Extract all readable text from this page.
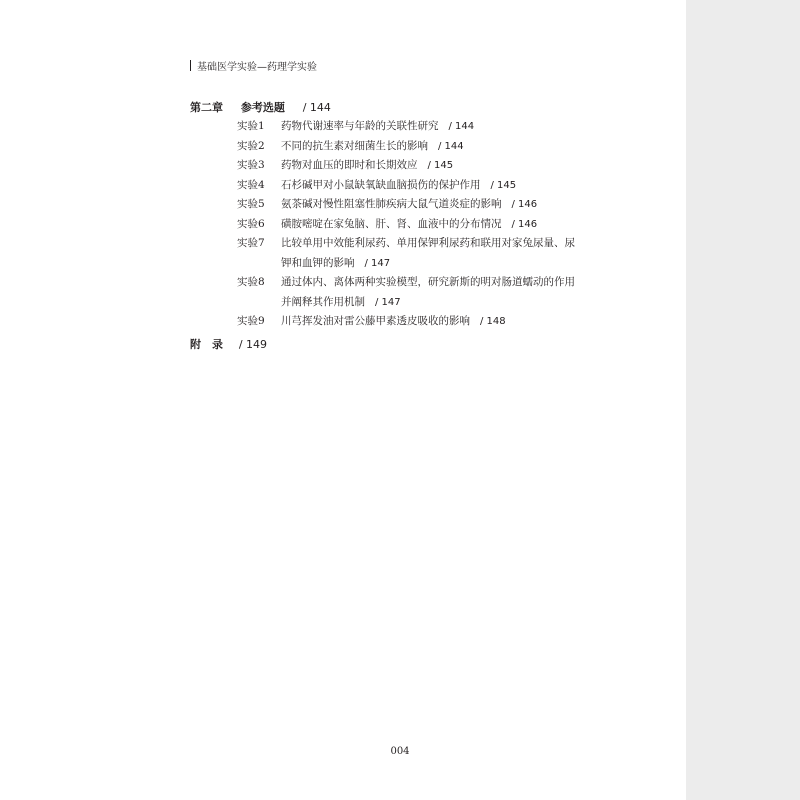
基础医学实验—药理学实验
第二章 参考选题 / 144
实验1	药物代谢速率与年龄的关联性研究 / 144
实验2	不同的抗生素对细菌生长的影响 / 144
实验3	药物对血压的即时和长期效应 / 145
实验4	石杉碱甲对小鼠缺氧缺血脑损伤的保护作用 / 145
实验5	氨茶碱对慢性阻塞性肺疾病大鼠气道炎症的影响 / 146
实验6	磺胺嘧啶在家兔脑、肝、肾、血液中的分布情况 / 146
实验7	比较单用中效能利尿药、单用保钾利尿药和联用对家兔尿量、尿
钾和血钾的影响 / 147
实验8	通过体内、离体两种实验模型，研究新斯的明对肠道蠕动的作用
并阐释其作用机制 / 147
实验9	川芎挥发油对雷公藤甲素透皮吸收的影响 / 148
附　录 / 149
004
